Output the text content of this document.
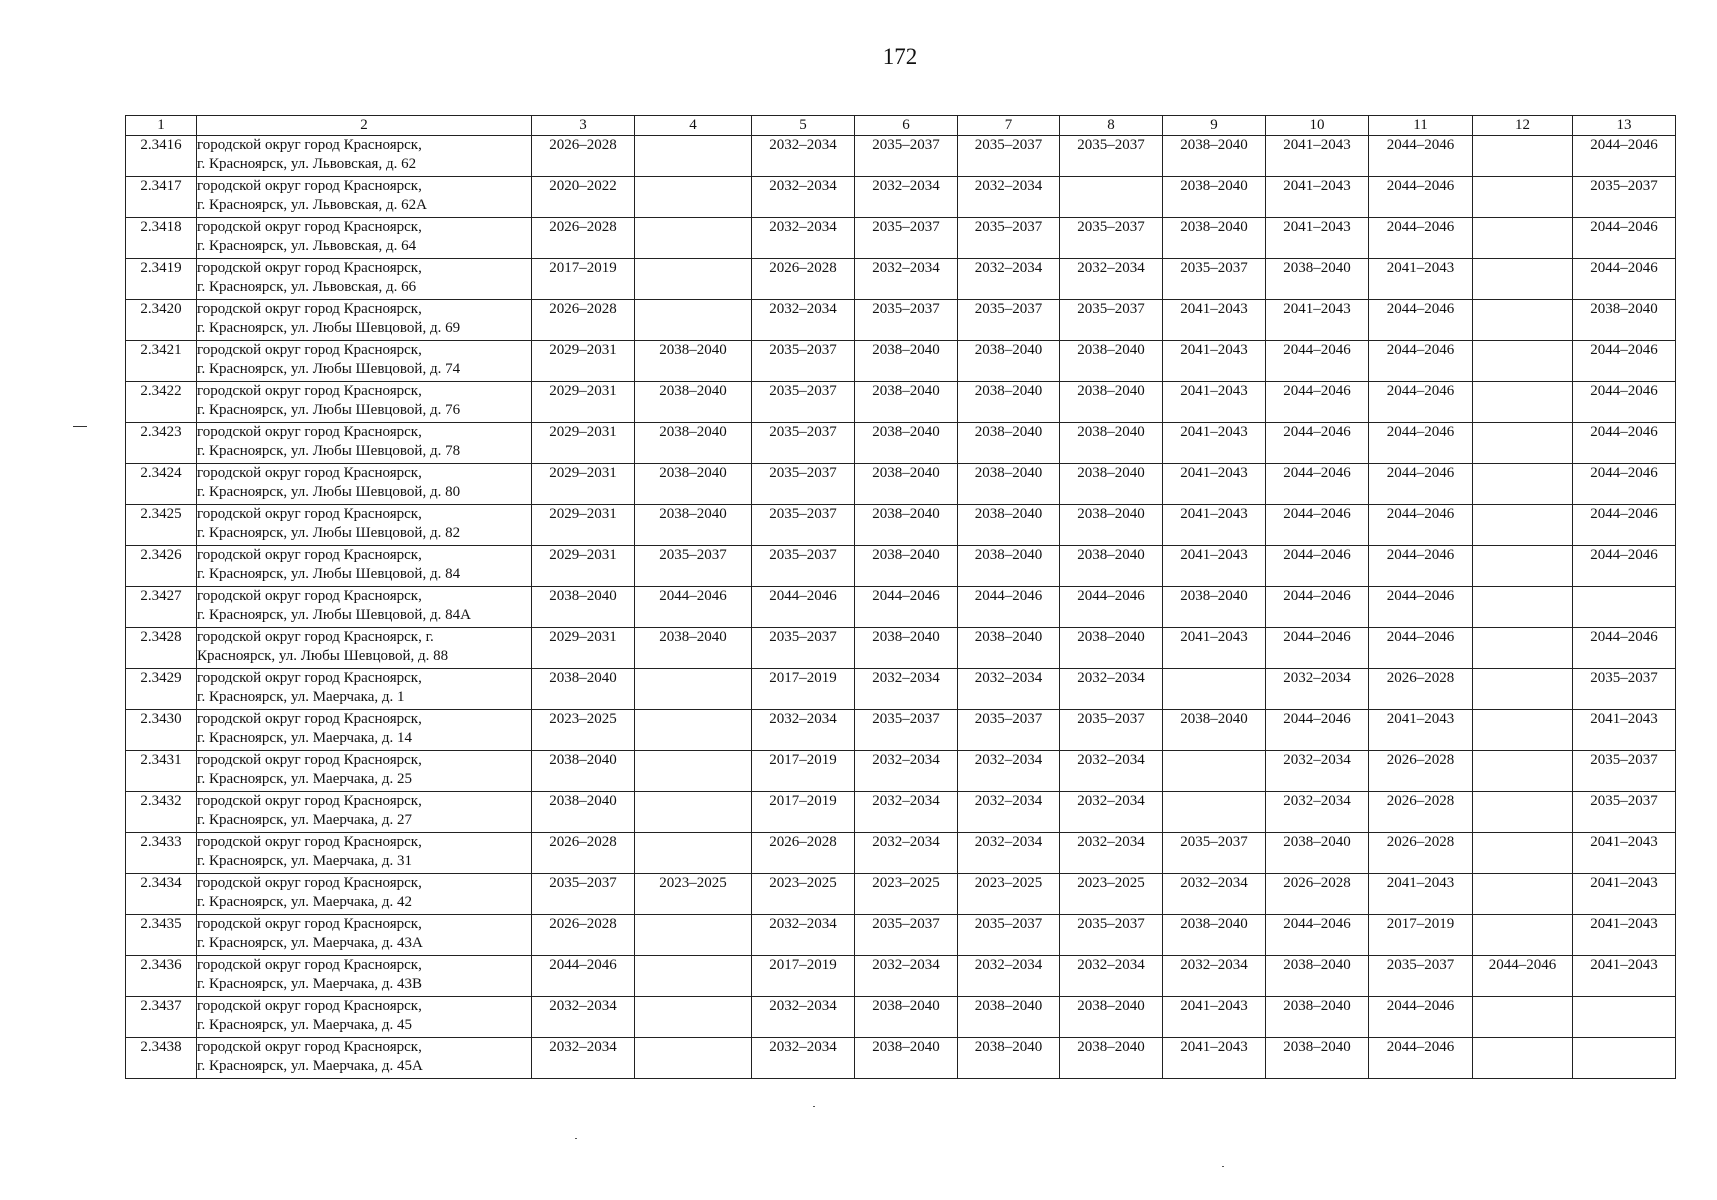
172
1	2	3	4	5	6	7	8	9	10	11	12	13
2.3416	городской округ город Красноярск,
г. Красноярск, ул. Львовская, д. 62	2026–2028		2032–2034	2035–2037	2035–2037	2035–2037	2038–2040	2041–2043	2044–2046		2044–2046
2.3417	городской округ город Красноярск,
г. Красноярск, ул. Львовская, д. 62А	2020–2022		2032–2034	2032–2034	2032–2034		2038–2040	2041–2043	2044–2046		2035–2037
2.3418	городской округ город Красноярск,
г. Красноярск, ул. Львовская, д. 64	2026–2028		2032–2034	2035–2037	2035–2037	2035–2037	2038–2040	2041–2043	2044–2046		2044–2046
2.3419	городской округ город Красноярск,
г. Красноярск, ул. Львовская, д. 66	2017–2019		2026–2028	2032–2034	2032–2034	2032–2034	2035–2037	2038–2040	2041–2043		2044–2046
2.3420	городской округ город Красноярск,
г. Красноярск, ул. Любы Шевцовой, д. 69	2026–2028		2032–2034	2035–2037	2035–2037	2035–2037	2041–2043	2041–2043	2044–2046		2038–2040
2.3421	городской округ город Красноярск,
г. Красноярск, ул. Любы Шевцовой, д. 74	2029–2031	2038–2040	2035–2037	2038–2040	2038–2040	2038–2040	2041–2043	2044–2046	2044–2046		2044–2046
2.3422	городской округ город Красноярск,
г. Красноярск, ул. Любы Шевцовой, д. 76	2029–2031	2038–2040	2035–2037	2038–2040	2038–2040	2038–2040	2041–2043	2044–2046	2044–2046		2044–2046
2.3423	городской округ город Красноярск,
г. Красноярск, ул. Любы Шевцовой, д. 78	2029–2031	2038–2040	2035–2037	2038–2040	2038–2040	2038–2040	2041–2043	2044–2046	2044–2046		2044–2046
2.3424	городской округ город Красноярск,
г. Красноярск, ул. Любы Шевцовой, д. 80	2029–2031	2038–2040	2035–2037	2038–2040	2038–2040	2038–2040	2041–2043	2044–2046	2044–2046		2044–2046
2.3425	городской округ город Красноярск,
г. Красноярск, ул. Любы Шевцовой, д. 82	2029–2031	2038–2040	2035–2037	2038–2040	2038–2040	2038–2040	2041–2043	2044–2046	2044–2046		2044–2046
2.3426	городской округ город Красноярск,
г. Красноярск, ул. Любы Шевцовой, д. 84	2029–2031	2035–2037	2035–2037	2038–2040	2038–2040	2038–2040	2041–2043	2044–2046	2044–2046		2044–2046
2.3427	городской округ город Красноярск,
г. Красноярск, ул. Любы Шевцовой, д. 84А	2038–2040	2044–2046	2044–2046	2044–2046	2044–2046	2044–2046	2038–2040	2044–2046	2044–2046		
2.3428	городской округ город Красноярск, г.
Красноярск, ул. Любы Шевцовой, д. 88	2029–2031	2038–2040	2035–2037	2038–2040	2038–2040	2038–2040	2041–2043	2044–2046	2044–2046		2044–2046
2.3429	городской округ город Красноярск,
г. Красноярск, ул. Маерчака, д. 1	2038–2040		2017–2019	2032–2034	2032–2034	2032–2034		2032–2034	2026–2028		2035–2037
2.3430	городской округ город Красноярск,
г. Красноярск, ул. Маерчака, д. 14	2023–2025		2032–2034	2035–2037	2035–2037	2035–2037	2038–2040	2044–2046	2041–2043		2041–2043
2.3431	городской округ город Красноярск,
г. Красноярск, ул. Маерчака, д. 25	2038–2040		2017–2019	2032–2034	2032–2034	2032–2034		2032–2034	2026–2028		2035–2037
2.3432	городской округ город Красноярск,
г. Красноярск, ул. Маерчака, д. 27	2038–2040		2017–2019	2032–2034	2032–2034	2032–2034		2032–2034	2026–2028		2035–2037
2.3433	городской округ город Красноярск,
г. Красноярск, ул. Маерчака, д. 31	2026–2028		2026–2028	2032–2034	2032–2034	2032–2034	2035–2037	2038–2040	2026–2028		2041–2043
2.3434	городской округ город Красноярск,
г. Красноярск, ул. Маерчака, д. 42	2035–2037	2023–2025	2023–2025	2023–2025	2023–2025	2023–2025	2032–2034	2026–2028	2041–2043		2041–2043
2.3435	городской округ город Красноярск,
г. Красноярск, ул. Маерчака, д. 43А	2026–2028		2032–2034	2035–2037	2035–2037	2035–2037	2038–2040	2044–2046	2017–2019		2041–2043
2.3436	городской округ город Красноярск,
г. Красноярск, ул. Маерчака, д. 43В	2044–2046		2017–2019	2032–2034	2032–2034	2032–2034	2032–2034	2038–2040	2035–2037	2044–2046	2041–2043
2.3437	городской округ город Красноярск,
г. Красноярск, ул. Маерчака, д. 45	2032–2034		2032–2034	2038–2040	2038–2040	2038–2040	2041–2043	2038–2040	2044–2046		
2.3438	городской округ город Красноярск,
г. Красноярск, ул. Маерчака, д. 45А	2032–2034		2032–2034	2038–2040	2038–2040	2038–2040	2041–2043	2038–2040	2044–2046		
